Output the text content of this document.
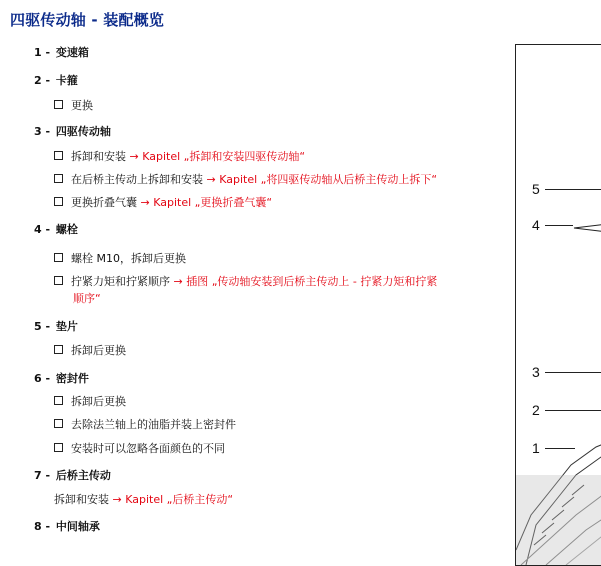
四驱传动轴 - 装配概览
1 - 变速箱
2 - 卡箍
更换
3 - 四驱传动轴
拆卸和安装 → Kapitel „拆卸和安装四驱传动轴“
在后桥主传动上拆卸和安装 → Kapitel „将四驱传动轴从后桥主传动上拆下“
更换折叠气囊 → Kapitel „更换折叠气囊“
4 - 螺栓
螺栓 M10，拆卸后更换
拧紧力矩和拧紧顺序 → 插图 „传动轴安装到后桥主传动上 - 拧紧力矩和拧紧
顺序“
5 - 垫片
拆卸后更换
6 - 密封件
拆卸后更换
去除法兰轴上的油脂并装上密封件
安装时可以忽略各面颜色的不同
7 - 后桥主传动
拆卸和安装 → Kapitel „后桥主传动“
8 - 中间轴承
5
4
3
2
1
